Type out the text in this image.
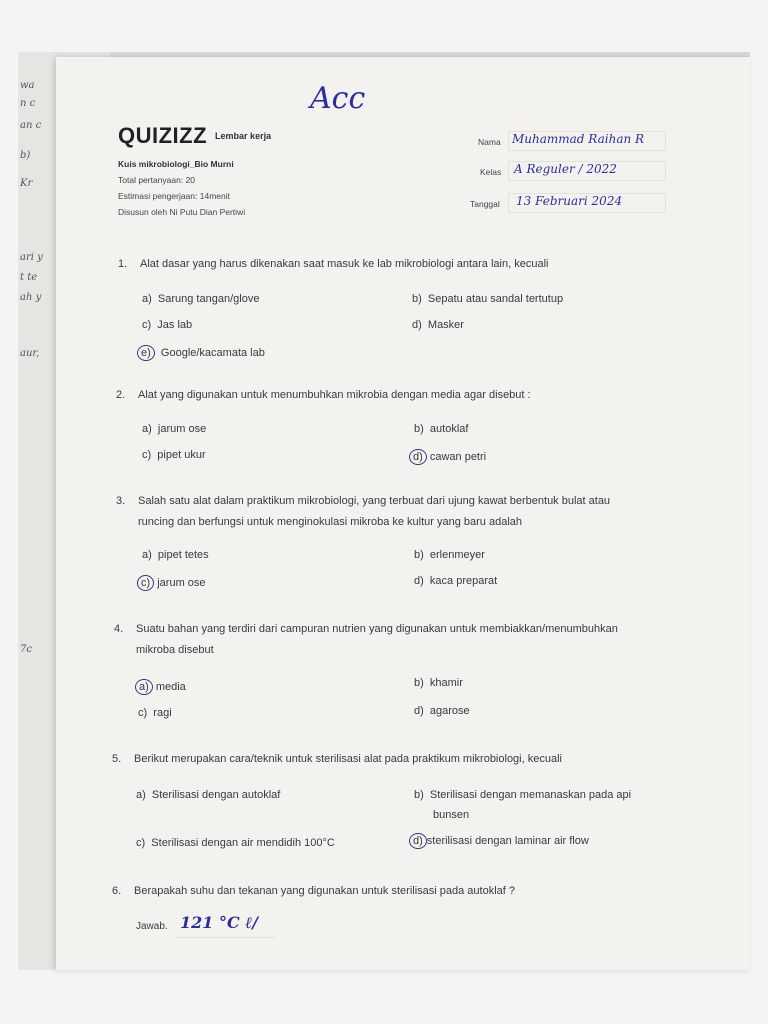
wa
n c
an c
b)
Kr
ari y
t te
ah y
aur,
7c
Acc
QUIZIZZ $^{Lembar kerja}$
Kuis mikrobiologi_Bio Murni
Total pertanyaan: 20
Estimasi pengerjaan: 14menit
Disusun oleh Ni Putu Dian Pertiwi
Nama Muhammad Raihan R
Kelas A Reguler / 2022
Tanggal 13 Februari 2024
1. Alat dasar yang harus dikenakan saat masuk ke lab mikrobiologi antara lain, kecuali
a) Sarung tangan/glove	b) Sepatu atau sandal tertutup
c) Jas lab	d) Masker
e) Google/kacamata lab
2. Alat yang digunakan untuk menumbuhkan mikrobia dengan media agar disebut :
a) jarum ose	b) autoklaf
c) pipet ukur	d) cawan petri
3. Salah satu alat dalam praktikum mikrobiologi, yang terbuat dari ujung kawat berbentuk bulat atau
runcing dan berfungsi untuk menginokulasi mikroba ke kultur yang baru adalah
a) pipet tetes	b) erlenmeyer
c) jarum ose	d) kaca preparat
4. Suatu bahan yang terdiri dari campuran nutrien yang digunakan untuk membiakkan/menumbuhkan
mikroba disebut
a) media	b) khamir
c) ragi	d) agarose
5. Berikut merupakan cara/teknik untuk sterilisasi alat pada praktikum mikrobiologi, kecuali
a) Sterilisasi dengan autoklaf	b) Sterilisasi dengan memanaskan pada api
bunsen
c) Sterilisasi dengan air mendidih 100°C	d) sterilisasi dengan laminar air flow
6. Berapakah suhu dan tekanan yang digunakan untuk sterilisasi pada autoklaf ?
Jawab. 121 °C ℓ/
